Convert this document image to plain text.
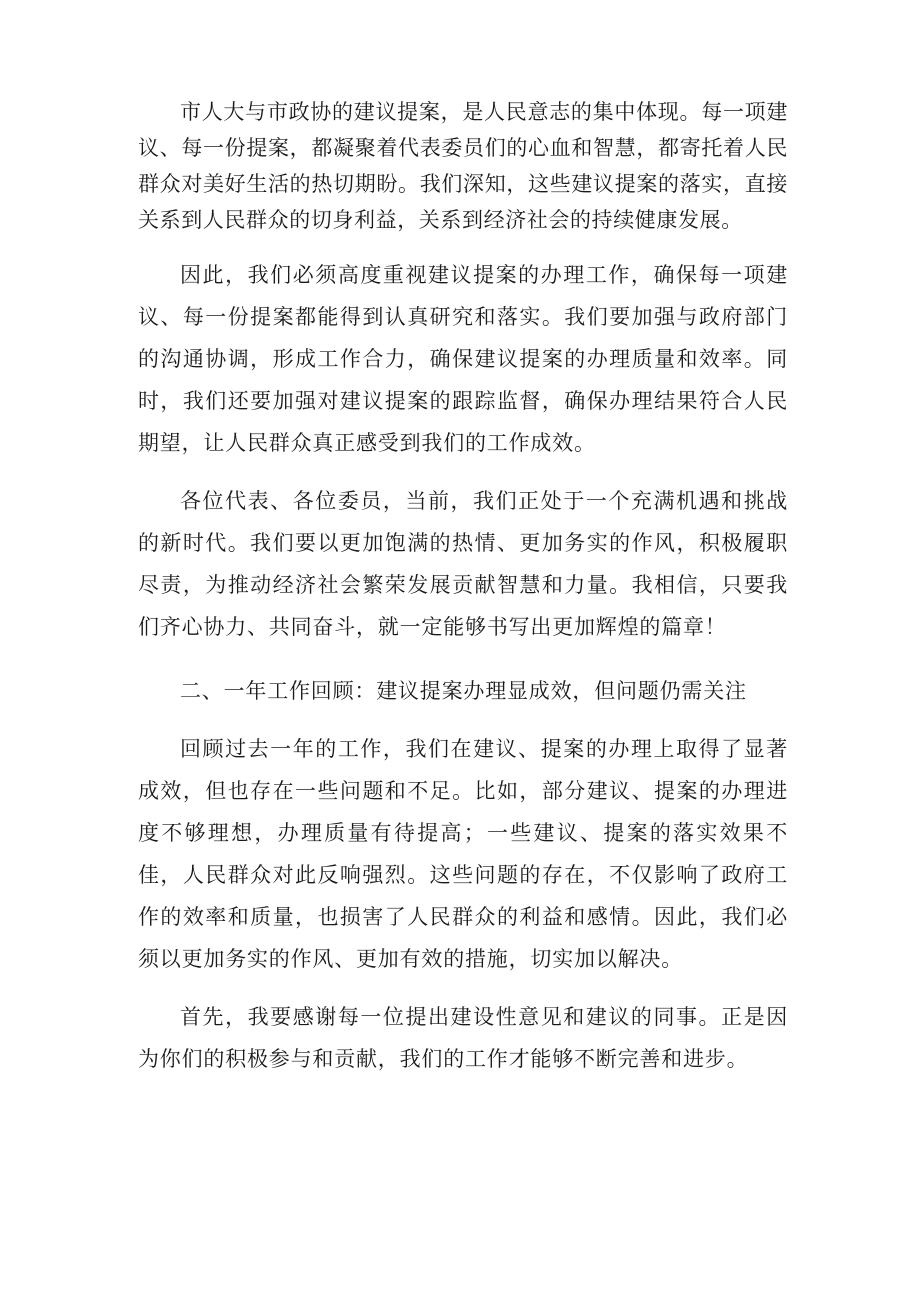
市人大与市政协的建议提案，是人民意志的集中体现。每一项建议、每一份提案，都凝聚着代表委员们的心血和智慧，都寄托着人民群众对美好生活的热切期盼。我们深知，这些建议提案的落实，直接关系到人民群众的切身利益，关系到经济社会的持续健康发展。

因此，我们必须高度重视建议提案的办理工作，确保每一项建议、每一份提案都能得到认真研究和落实。我们要加强与政府部门的沟通协调，形成工作合力，确保建议提案的办理质量和效率。同时，我们还要加强对建议提案的跟踪监督，确保办理结果符合人民期望，让人民群众真正感受到我们的工作成效。

各位代表、各位委员，当前，我们正处于一个充满机遇和挑战的新时代。我们要以更加饱满的热情、更加务实的作风，积极履职尽责，为推动经济社会繁荣发展贡献智慧和力量。我相信，只要我们齐心协力、共同奋斗，就一定能够书写出更加辉煌的篇章！

二、一年工作回顾：建议提案办理显成效，但问题仍需关注

回顾过去一年的工作，我们在建议、提案的办理上取得了显著成效，但也存在一些问题和不足。比如，部分建议、提案的办理进度不够理想，办理质量有待提高；一些建议、提案的落实效果不佳，人民群众对此反响强烈。这些问题的存在，不仅影响了政府工作的效率和质量，也损害了人民群众的利益和感情。因此，我们必须以更加务实的作风、更加有效的措施，切实加以解决。

首先，我要感谢每一位提出建设性意见和建议的同事。正是因为你们的积极参与和贡献，我们的工作才能够不断完善和进步。
